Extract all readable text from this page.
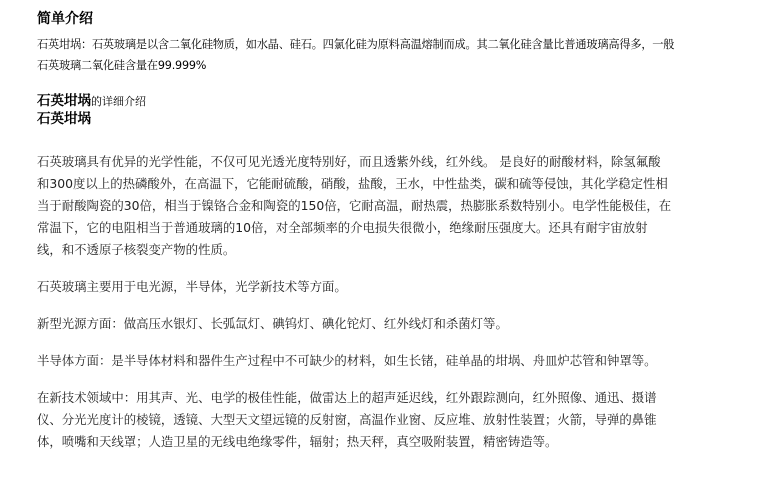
简单介绍
石英坩埚：石英玻璃是以含二氧化硅物质，如水晶、硅石。四氯化硅为原料高温熔制而成。其二氧化硅含量比普通玻璃高得多，一般
石英玻璃二氧化硅含量在99.999%
石英坩埚的详细介绍
石英坩埚
石英玻璃具有优异的光学性能，不仅可见光透光度特别好，而且透紫外线，红外线。 是良好的耐酸材料，除氢氟酸
和300度以上的热磷酸外，在高温下，它能耐硫酸，硝酸，盐酸，王水，中性盐类，碳和硫等侵蚀，其化学稳定性相
当于耐酸陶瓷的30倍，相当于镍铬合金和陶瓷的150倍，它耐高温，耐热震，热膨胀系数特别小。电学性能极佳，在
常温下，它的电阻相当于普通玻璃的10倍，对全部频率的介电损失很微小，绝缘耐压强度大。还具有耐宇宙放射
线，和不透原子核裂变产物的性质。
石英玻璃主要用于电光源，半导体，光学新技术等方面。
新型光源方面：做高压水银灯、长弧氙灯、碘钨灯、碘化铊灯、红外线灯和杀菌灯等。
半导体方面：是半导体材料和器件生产过程中不可缺少的材料，如生长锗，硅单晶的坩埚、舟皿炉芯管和钟罩等。
在新技术领域中：用其声、光、电学的极佳性能，做雷达上的超声延迟线，红外跟踪测向，红外照像、通迅、摄谱
仪、分光光度计的棱镜，透镜、大型天文望远镜的反射窗，高温作业窗、反应堆、放射性装置；火箭，导弹的鼻锥
体，喷嘴和天线罩；人造卫星的无线电绝缘零件，辐射；热天秤，真空吸附装置，精密铸造等。
